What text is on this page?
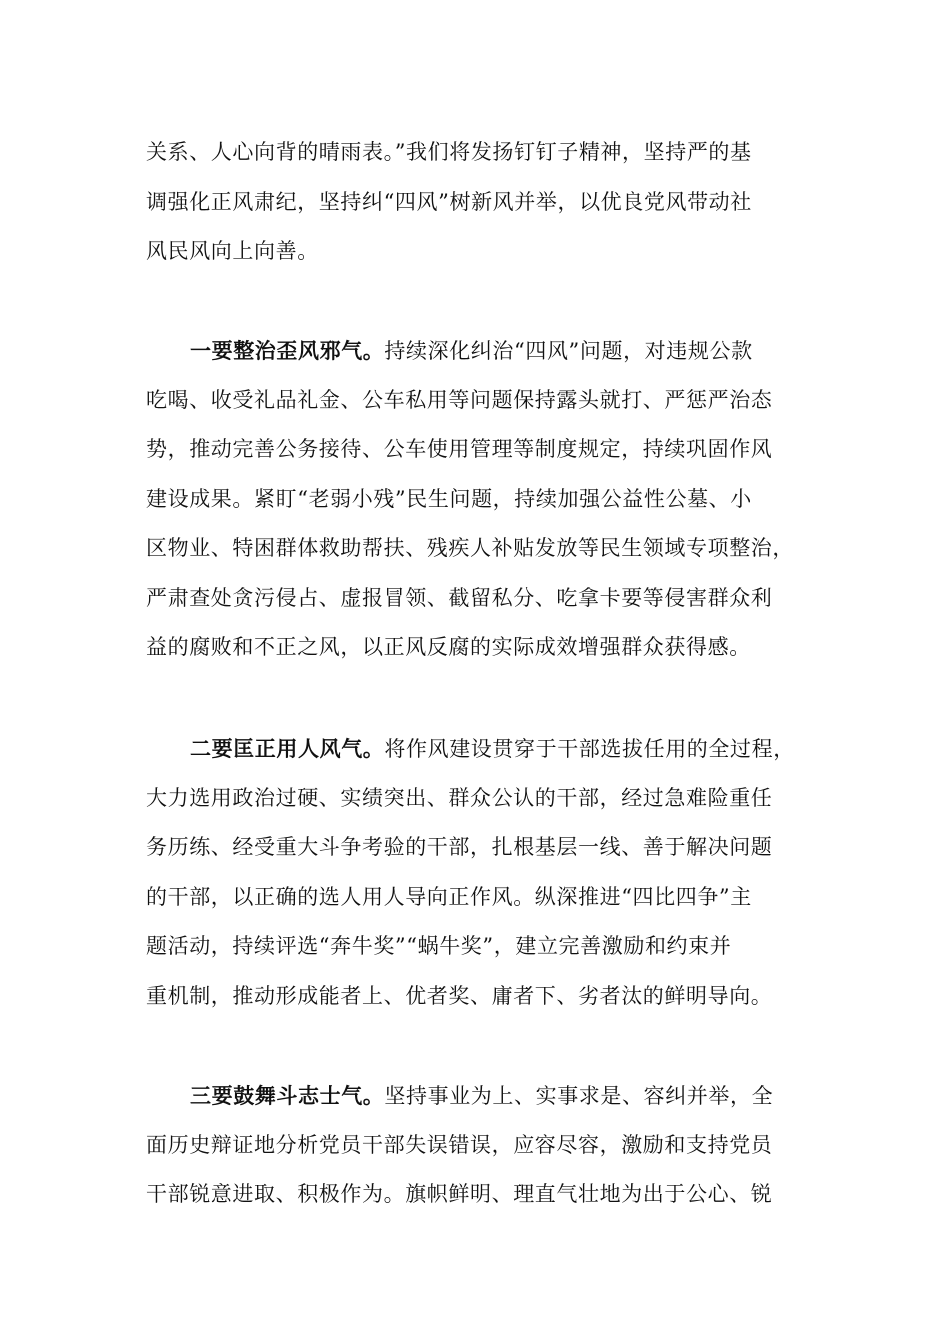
关系、人心向背的晴雨表。”我们将发扬钉钉子精神，坚持严的基
调强化正风肃纪，坚持纠“四风”树新风并举，以优良党风带动社
风民风向上向善。

一要整治歪风邪气。持续深化纠治“四风”问题，对违规公款
吃喝、收受礼品礼金、公车私用等问题保持露头就打、严惩严治态
势，推动完善公务接待、公车使用管理等制度规定，持续巩固作风
建设成果。紧盯“老弱小残”民生问题，持续加强公益性公墓、小
区物业、特困群体救助帮扶、残疾人补贴发放等民生领域专项整治，
严肃查处贪污侵占、虚报冒领、截留私分、吃拿卡要等侵害群众利
益的腐败和不正之风，以正风反腐的实际成效增强群众获得感。

二要匡正用人风气。将作风建设贯穿于干部选拔任用的全过程，
大力选用政治过硬、实绩突出、群众公认的干部，经过急难险重任
务历练、经受重大斗争考验的干部，扎根基层一线、善于解决问题
的干部，以正确的选人用人导向正作风。纵深推进“四比四争”主
题活动，持续评选“奔牛奖”“蜗牛奖”，建立完善激励和约束并
重机制，推动形成能者上、优者奖、庸者下、劣者汰的鲜明导向。

三要鼓舞斗志士气。坚持事业为上、实事求是、容纠并举，全
面历史辩证地分析党员干部失误错误，应容尽容，激励和支持党员
干部锐意进取、积极作为。旗帜鲜明、理直气壮地为出于公心、锐
